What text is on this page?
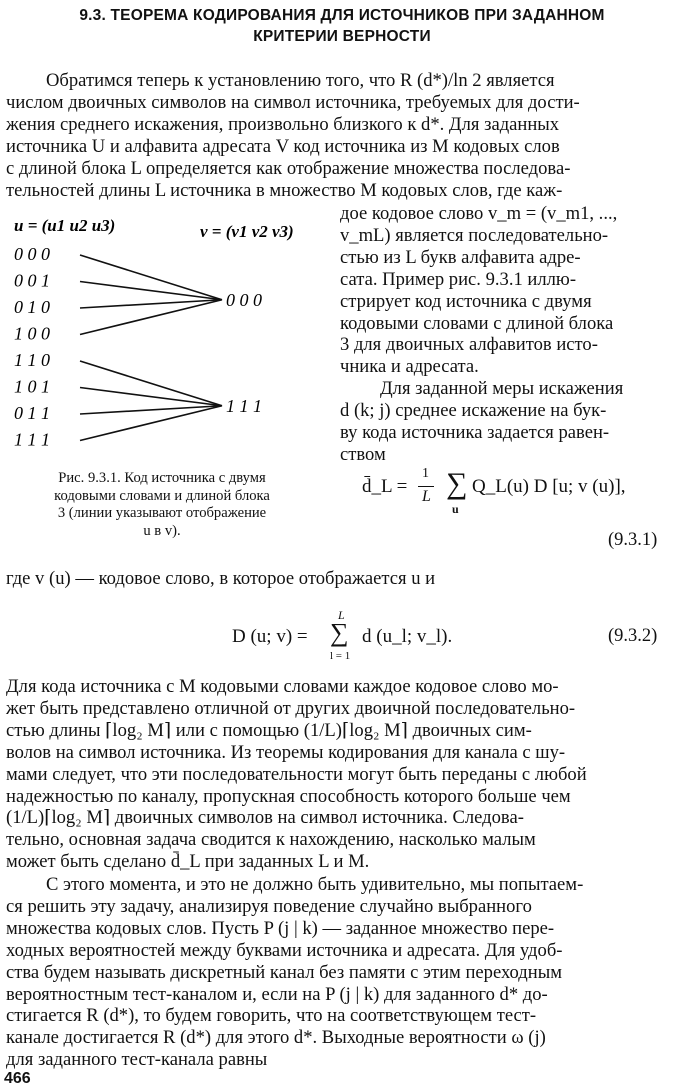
9.3. ТЕОРЕМА КОДИРОВАНИЯ ДЛЯ ИСТОЧНИКОВ ПРИ ЗАДАННОМ
КРИТЕРИИ ВЕРНОСТИ
Обратимся теперь к установлению того, что R (d*)/ln 2 является
числом двоичных символов на символ источника, требуемых для дости-
жения среднего искажения, произвольно близкого к d*. Для заданных
источника U и алфавита адресата V код источника из M кодовых слов
с длиной блока L определяется как отображение множества последова-
тельностей длины L источника в множество M кодовых слов, где каж-
дое кодовое слово v_m = (v_m1, ...,
v_mL) является последовательно-
стью из L букв алфавита адре-
сата. Пример рис. 9.3.1 иллю-
стрирует код источника с двумя
кодовыми словами с длиной блока
3 для двоичных алфавитов исто-
чника и адресата.
Для заданной меры искажения
d (k; j) среднее искажение на бук-
ву кода источника задается равен-
ством
u = (u1 u2 u3)	v = (v1 v2 v3)
0 0 0
0 0 1
0 1 0
1 0 0
1 1 0
1 0 1
0 1 1
1 1 1
0 0 0
1 1 1
Рис. 9.3.1. Код источника с двумя
кодовыми словами и длиной блока
3 (линии указывают отображение
u в v).
d̄_L =
1
L ∑
u
Q_L(u) D [u; v (u)],
(9.3.1)
где v (u) — кодовое слово, в которое отображается u и
D (u; v) =
L
∑
l = 1
d (u_l; v_l).	(9.3.2)
Для кода источника с M кодовыми словами каждое кодовое слово мо-
жет быть представлено отличной от других двоичной последовательно-
стью длины ⌈log₂ M⌉ или с помощью (1/L)⌈log₂ M⌉ двоичных сим-
волов на символ источника. Из теоремы кодирования для канала с шу-
мами следует, что эти последовательности могут быть переданы с любой
надежностью по каналу, пропускная способность которого больше чем
(1/L)⌈log₂ M⌉ двоичных символов на символ источника. Следова-
тельно, основная задача сводится к нахождению, насколько малым
может быть сделано d̄_L при заданных L и M.
С этого момента, и это не должно быть удивительно, мы попытаем-
ся решить эту задачу, анализируя поведение случайно выбранного
множества кодовых слов. Пусть P (j | k) — заданное множество пере-
ходных вероятностей между буквами источника и адресата. Для удоб-
ства будем называть дискретный канал без памяти с этим переходным
вероятностным тест-каналом и, если на P (j | k) для заданного d* до-
стигается R (d*), то будем говорить, что на соответствующем тест-
канале достигается R (d*) для этого d*. Выходные вероятности ω (j)
для заданного тест-канала равны
466
